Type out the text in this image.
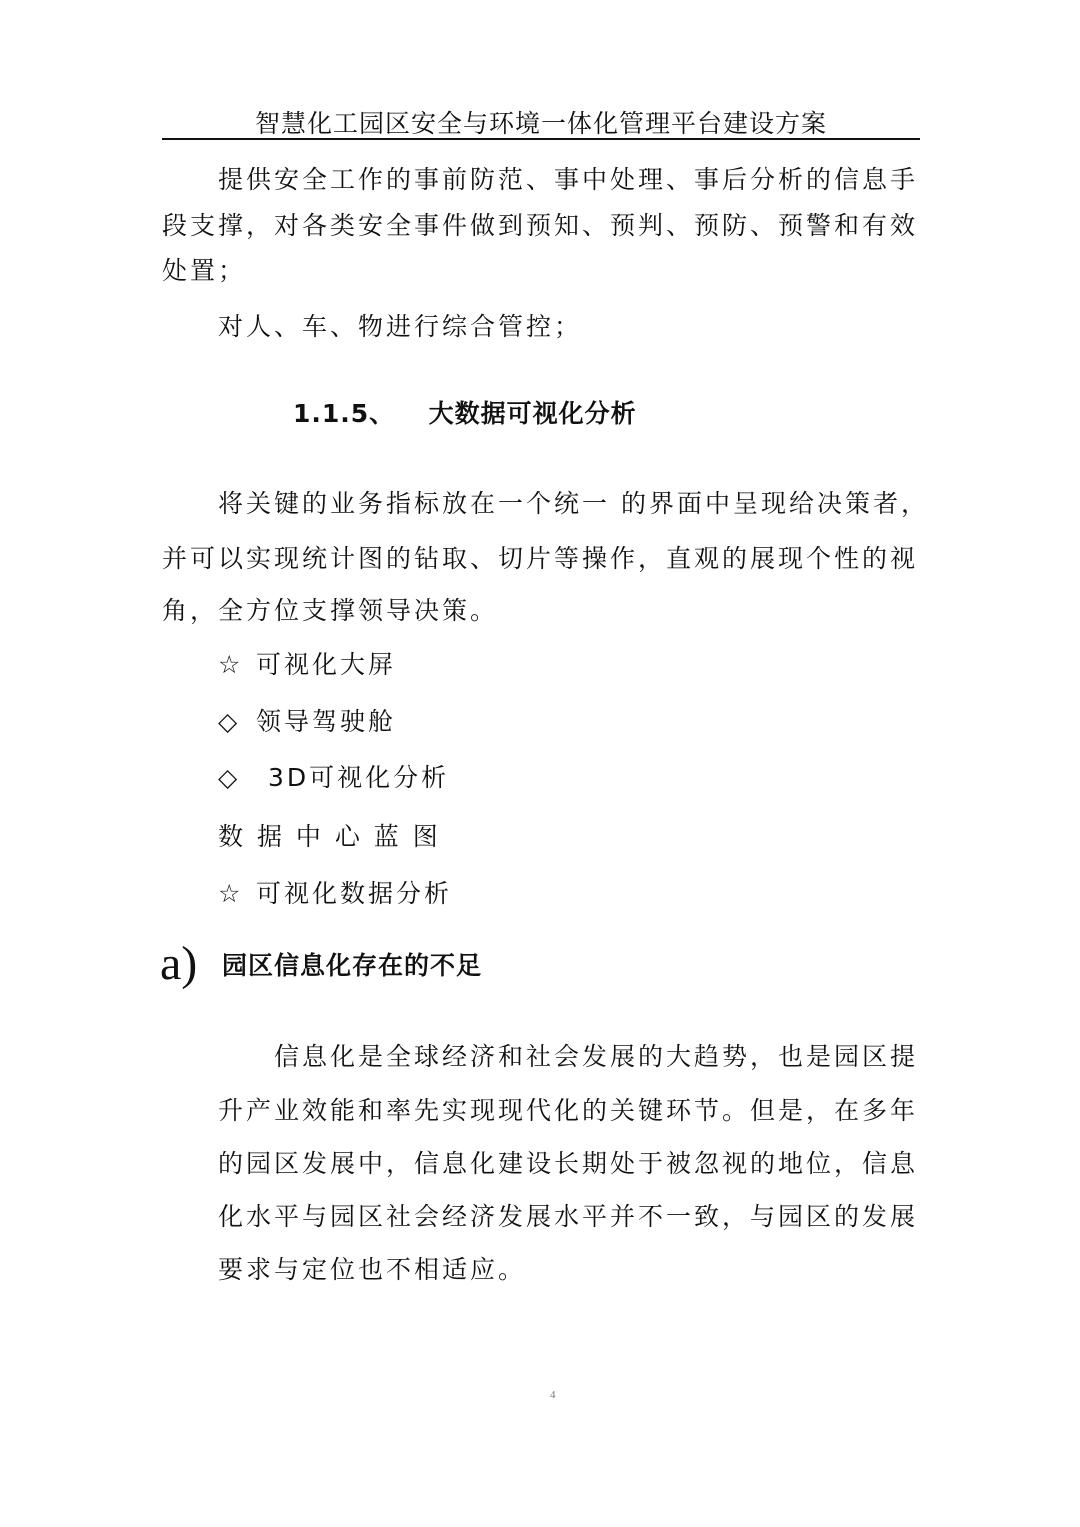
智慧化工园区安全与环境一体化管理平台建设方案
提供安全工作的事前防范、事中处理、事后分析的信息手
段支撑，对各类安全事件做到预知、预判、预防、预警和有效
处置；
对人、车、物进行综合管控；
1.1.5、 大数据可视化分析
将关键的业务指标放在一个统一 的界面中呈现给决策者，
并可以实现统计图的钻取、切片等操作，直观的展现个性的视
角，全方位支撑领导决策。
☆ 可视化大屏
◇ 领导驾驶舱
◇ 3D可视化分析
数 据 中 心 蓝 图
☆ 可视化数据分析
a) 园区信息化存在的不足
信息化是全球经济和社会发展的大趋势，也是园区提
升产业效能和率先实现现代化的关键环节。但是，在多年
的园区发展中，信息化建设长期处于被忽视的地位，信息
化水平与园区社会经济发展水平并不一致，与园区的发展
要求与定位也不相适应。
4
